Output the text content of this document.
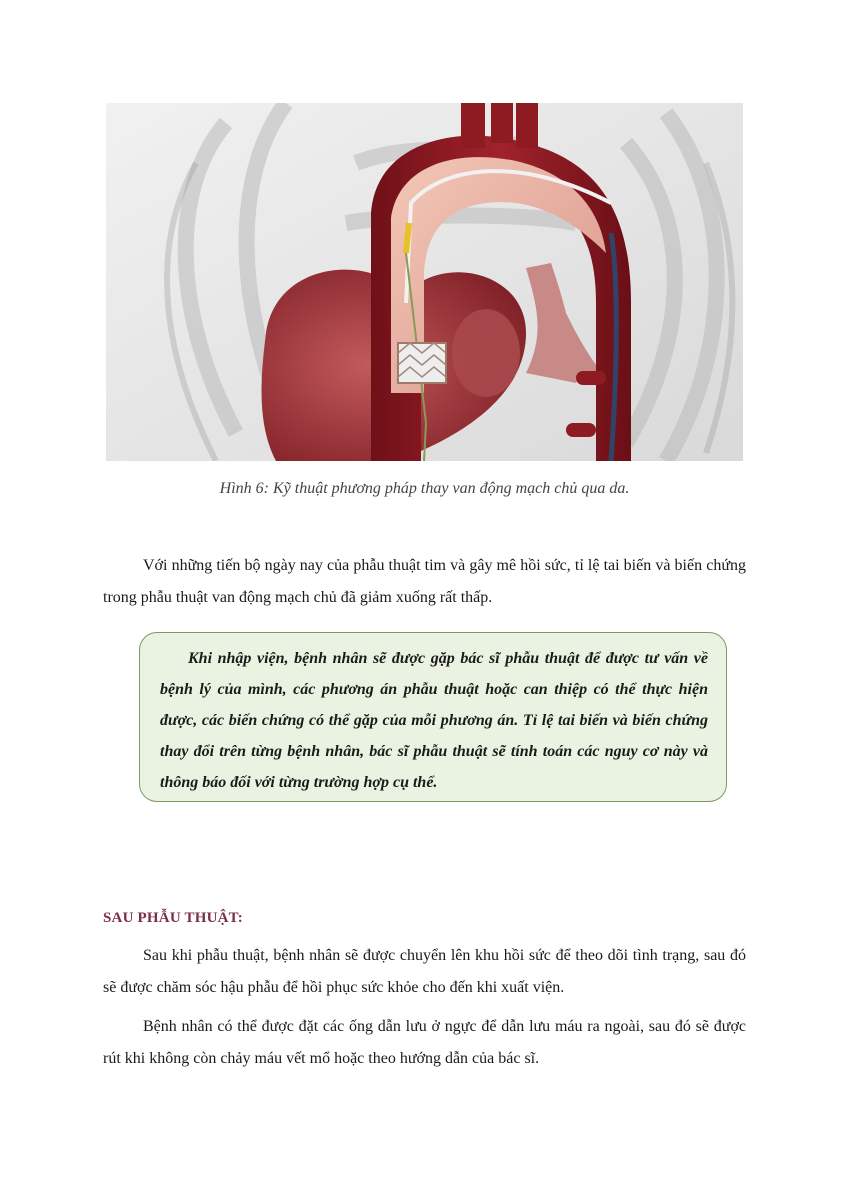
Hình 6: Kỹ thuật phương pháp thay van động mạch chủ qua da.

Với những tiến bộ ngày nay của phẫu thuật tim và gây mê hồi sức, tỉ lệ tai biến và biến chứng trong phẫu thuật van động mạch chủ đã giảm xuống rất thấp.

Khi nhập viện, bệnh nhân sẽ được gặp bác sĩ phẫu thuật để được tư vấn về bệnh lý của mình, các phương án phẫu thuật hoặc can thiệp có thể thực hiện được, các biến chứng có thể gặp của mỗi phương án. Tỉ lệ tai biến và biến chứng thay đổi trên từng bệnh nhân, bác sĩ phẫu thuật sẽ tính toán các nguy cơ này và thông báo đối với từng trường hợp cụ thể.

SAU PHẪU THUẬT:

Sau khi phẫu thuật, bệnh nhân sẽ được chuyển lên khu hồi sức để theo dõi tình trạng, sau đó sẽ được chăm sóc hậu phẫu để hồi phục sức khỏe cho đến khi xuất viện.

Bệnh nhân có thể được đặt các ống dẫn lưu ở ngực để dẫn lưu máu ra ngoài, sau đó sẽ được rút khi không còn chảy máu vết mổ hoặc theo hướng dẫn của bác sĩ.
